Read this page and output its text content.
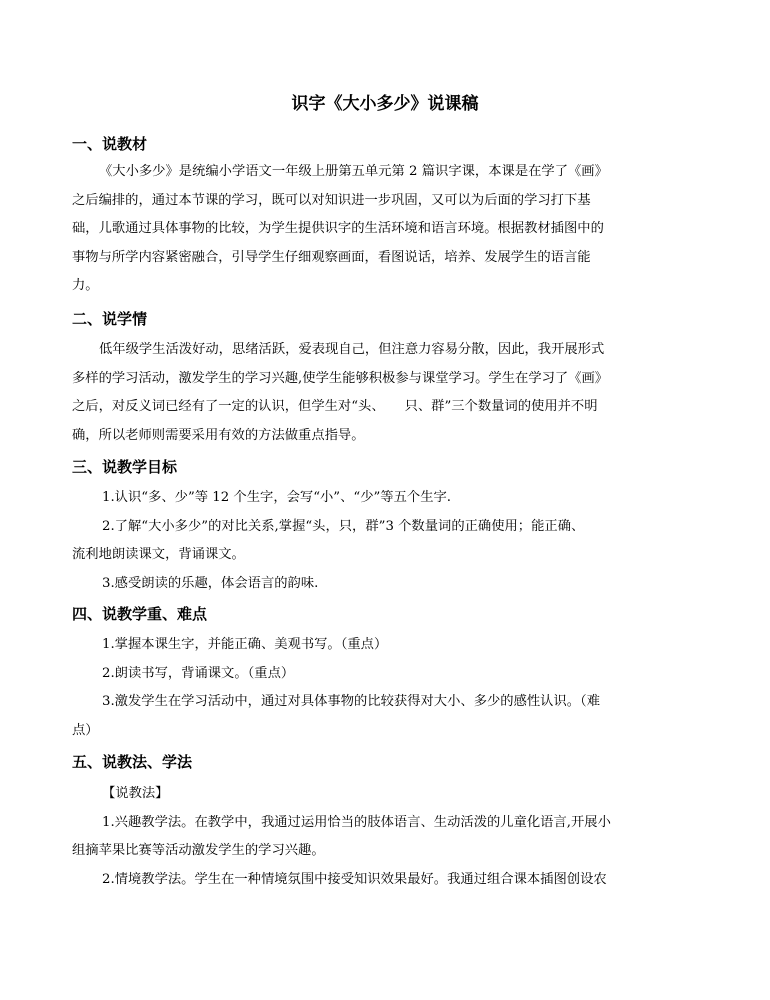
识字《大小多少》说课稿
一、说教材
《大小多少》是统编小学语文一年级上册第五单元第 2 篇识字课，本课是在学了《画》
之后编排的，通过本节课的学习，既可以对知识进一步巩固，又可以为后面的学习打下基
础，儿歌通过具体事物的比较，为学生提供识字的生活环境和语言环境。根据教材插图中的
事物与所学内容紧密融合，引导学生仔细观察画面，看图说话，培养、发展学生的语言能
力。
二、说学情
低年级学生活泼好动，思绪活跃，爱表现自己，但注意力容易分散，因此，我开展形式
多样的学习活动，激发学生的学习兴趣,使学生能够积极参与课堂学习。学生在学习了《画》
之后，对反义词已经有了一定的认识，但学生对“头、　　只、群”三个数量词的使用并不明
确，所以老师则需要采用有效的方法做重点指导。
三、说教学目标
1.认识“多、少”等 12 个生字，会写“小”、“少”等五个生字.
2.了解“大小多少”的对比关系,掌握“头，只，群”3 个数量词的正确使用；能正确、
流利地朗读课文，背诵课文。
3.感受朗读的乐趣，体会语言的韵味.
四、说教学重、难点
1.掌握本课生字，并能正确、美观书写。（重点）
2.朗读书写，背诵课文。（重点）
3.激发学生在学习活动中，通过对具体事物的比较获得对大小、多少的感性认识。（难
点）
五、说教法、学法
【说教法】
1.兴趣教学法。在教学中，我通过运用恰当的肢体语言、生动活泼的儿童化语言,开展小
组摘苹果比赛等活动激发学生的学习兴趣。
2.情境教学法。学生在一种情境氛围中接受知识效果最好。我通过组合课本插图创设农
